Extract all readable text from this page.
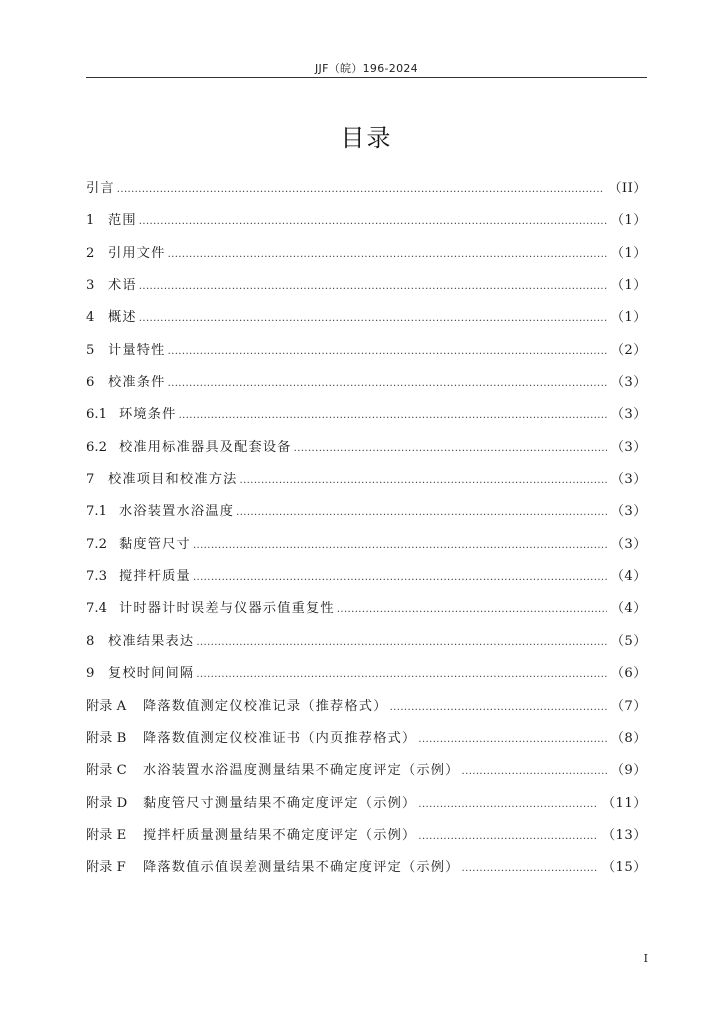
JJF（皖）196-2024
目录
引言 .....	（II）
1	范围 .....	（1）
2	引用文件 .....	（1）
3	术语 .....	（1）
4	概述 .....	（1）
5	计量特性 .....	（2）
6	校准条件 .....	（3）
6.1 环境条件 .....	（3）
6.2 校准用标准器具及配套设备 .....	（3）
7	校准项目和校准方法 .....	（3）
7.1 水浴装置水浴温度 .....	（3）
7.2 黏度管尺寸 .....	（3）
7.3 搅拌杆质量 .....	（4）
7.4 计时器计时误差与仪器示值重复性 .....	（4）
8	校准结果表达 .....	（5）
9	复校时间间隔 .....	（6）
附录 A	降落数值测定仪校准记录（推荐格式） .....	（7）
附录 B	降落数值测定仪校准证书（内页推荐格式） .....	（8）
附录 C	水浴装置水浴温度测量结果不确定度评定（示例） .....	（9）
附录 D	黏度管尺寸测量结果不确定度评定（示例） .....	（11）
附录 E	搅拌杆质量测量结果不确定度评定（示例） .....	（13）
附录 F	降落数值示值误差测量结果不确定度评定（示例） .....	（15）
I
